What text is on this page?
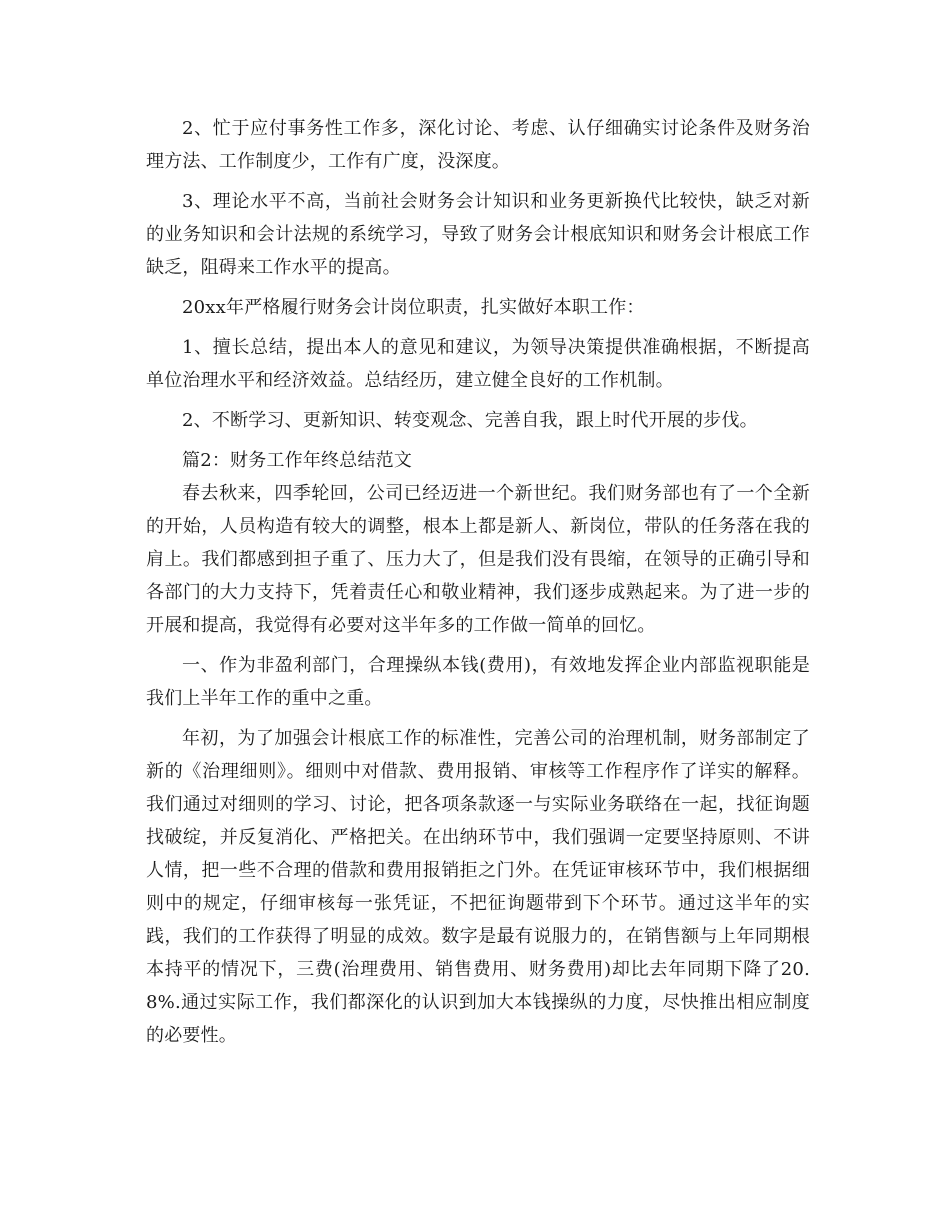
2、忙于应付事务性工作多，深化讨论、考虑、认仔细确实讨论条件及财务治理方法、工作制度少，工作有广度，没深度。

3、理论水平不高，当前社会财务会计知识和业务更新换代比较快，缺乏对新的业务知识和会计法规的系统学习，导致了财务会计根底知识和财务会计根底工作缺乏，阻碍来工作水平的提高。

20xx年严格履行财务会计岗位职责，扎实做好本职工作：

1、擅长总结，提出本人的意见和建议，为领导决策提供准确根据，不断提高单位治理水平和经济效益。总结经历，建立健全良好的工作机制。

2、不断学习、更新知识、转变观念、完善自我，跟上时代开展的步伐。

篇2：财务工作年终总结范文

春去秋来，四季轮回，公司已经迈进一个新世纪。我们财务部也有了一个全新的开始，人员构造有较大的调整，根本上都是新人、新岗位，带队的任务落在我的肩上。我们都感到担子重了、压力大了，但是我们没有畏缩，在领导的正确引导和各部门的大力支持下，凭着责任心和敬业精神，我们逐步成熟起来。为了进一步的开展和提高，我觉得有必要对这半年多的工作做一简单的回忆。

一、作为非盈利部门，合理操纵本钱(费用)，有效地发挥企业内部监视职能是我们上半年工作的重中之重。

年初，为了加强会计根底工作的标准性，完善公司的治理机制，财务部制定了新的《治理细则》。细则中对借款、费用报销、审核等工作程序作了详实的解释。我们通过对细则的学习、讨论，把各项条款逐一与实际业务联络在一起，找征询题找破绽，并反复消化、严格把关。在出纳环节中，我们强调一定要坚持原则、不讲人情，把一些不合理的借款和费用报销拒之门外。在凭证审核环节中，我们根据细则中的规定，仔细审核每一张凭证，不把征询题带到下个环节。通过这半年的实践，我们的工作获得了明显的成效。数字是最有说服力的，在销售额与上年同期根本持平的情况下，三费(治理费用、销售费用、财务费用)却比去年同期下降了20.8%.通过实际工作，我们都深化的认识到加大本钱操纵的力度，尽快推出相应制度的必要性。
